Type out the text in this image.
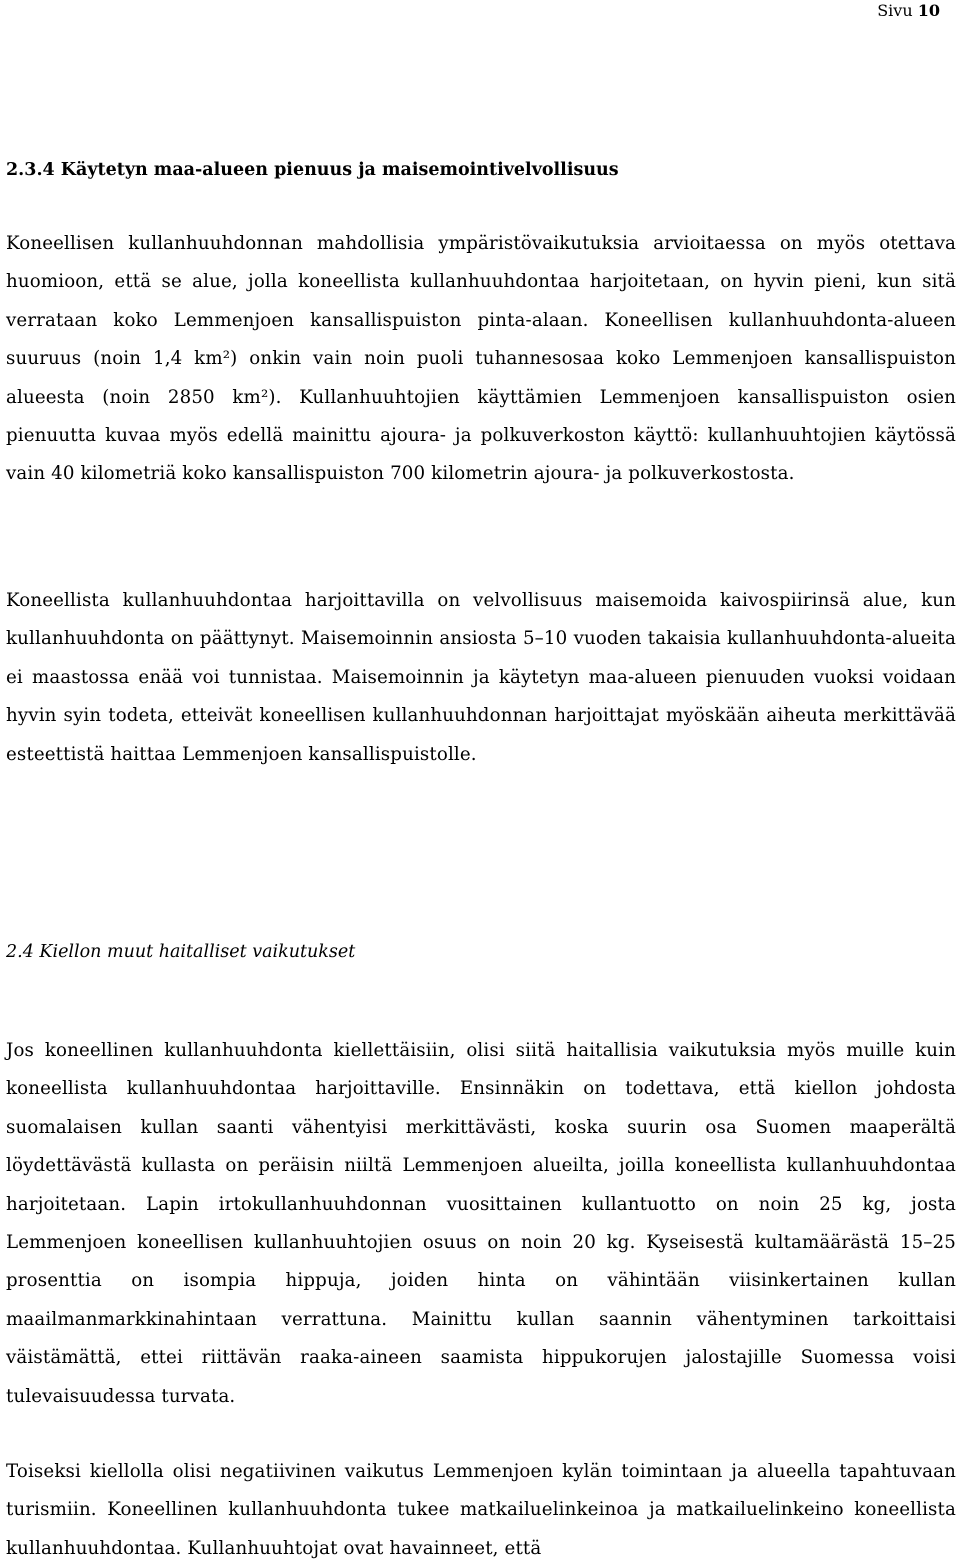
Sivu 10
2.3.4 Käytetyn maa-alueen pienuus ja maisemointivelvollisuus
Koneellisen kullanhuuhdonnan mahdollisia ympäristövaikutuksia arvioitaessa on myös otettava huomioon, että se alue, jolla koneellista kullanhuuhdontaa harjoitetaan, on hyvin pieni, kun sitä verrataan koko Lemmenjoen kansallispuiston pinta-alaan. Koneellisen kullanhuuhdonta-alueen suuruus (noin 1,4 km²) onkin vain noin puoli tuhannesosaa koko Lemmenjoen kansallispuiston alueesta (noin 2850 km²). Kullanhuuhtojien käyttämien Lemmenjoen kansallispuiston osien pienuutta kuvaa myös edellä mainittu ajoura- ja polkuverkoston käyttö: kullanhuuhtojien käytössä vain 40 kilometriä koko kansallispuiston 700 kilometrin ajoura- ja polkuverkostosta.
Koneellista kullanhuuhdontaa harjoittavilla on velvollisuus maisemoida kaivospiirinsä alue, kun kullanhuuhdonta on päättynyt. Maisemoinnin ansiosta 5–10 vuoden takaisia kullanhuuhdonta-alueita ei maastossa enää voi tunnistaa. Maisemoinnin ja käytetyn maa-alueen pienuuden vuoksi voidaan hyvin syin todeta, etteivät koneellisen kullanhuuhdonnan harjoittajat myöskään aiheuta merkittävää esteettistä haittaa Lemmenjoen kansallispuistolle.
2.4 Kiellon muut haitalliset vaikutukset
Jos koneellinen kullanhuuhdonta kiellettäisiin, olisi siitä haitallisia vaikutuksia myös muille kuin koneellista kullanhuuhdontaa harjoittaville. Ensinnäkin on todettava, että kiellon johdosta suomalaisen kullan saanti vähentyisi merkittävästi, koska suurin osa Suomen maaperältä löydettävästä kullasta on peräisin niiltä Lemmenjoen alueilta, joilla koneellista kullanhuuhdontaa harjoitetaan. Lapin irtokullanhuuhdonnan vuosittainen kullantuotto on noin 25 kg, josta Lemmenjoen koneellisen kullanhuuhtojien osuus on noin 20 kg. Kyseisestä kultamäärästä 15–25 prosenttia on isompia hippuja, joiden hinta on vähintään viisinkertainen kullan maailmanmarkkinahintaan verrattuna. Mainittu kullan saannin vähentyminen tarkoittaisi väistämättä, ettei riittävän raaka-aineen saamista hippukorujen jalostajille Suomessa voisi tulevaisuudessa turvata.
Toiseksi kiellolla olisi negatiivinen vaikutus Lemmenjoen kylän toimintaan ja alueella tapahtuvaan turismiin. Koneellinen kullanhuuhdonta tukee matkailuelinkeinoa ja matkailuelinkeino koneellista kullanhuuhdontaa. Kullanhuuhtojat ovat havainneet, että
